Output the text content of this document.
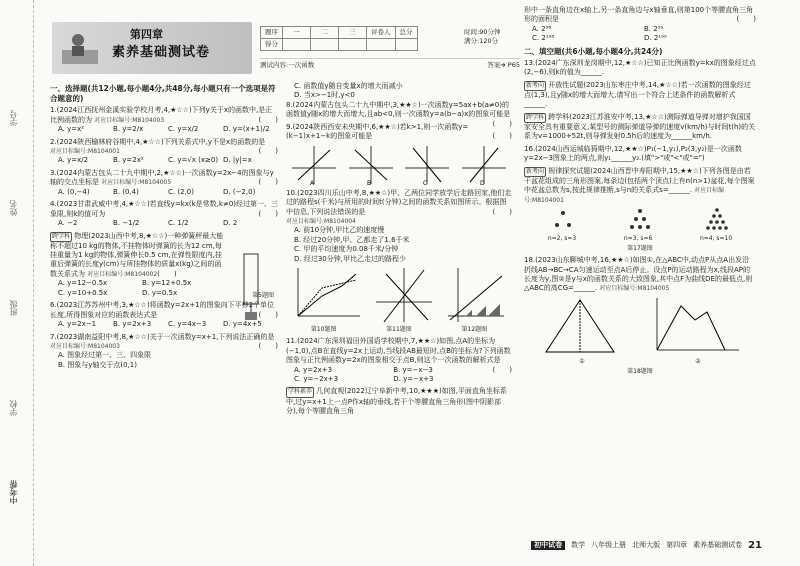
学号
姓名
班级
学校
中考帮
第四章
素养基础测试卷
题序	一	二	三	评卷人	总分
得分					
时间:90分钟
满分:120分
测试内容:一次函数	答案➔ P65
一、选择题(共12小题,每小题4分,共48分,每小题只有一个选项是符合题意的)
1.(2024江西抚州金溪实验学校月考,4,★☆☆)下列y关于x的函数中,是正比例函数的为 对应目标编号:M8104003	(　　)
A. y=x²	B. y=2/x	C. y=x/2	D. y=(x+1)/2
2.(2024陕西榆林府谷期中,4,★☆☆)下列关系式中,y不是x的函数的是
(　　)
对应目标编号:M8104001
A. y=x/2	B. y=2x²	C. y=√x (x≥0) D. |y|=x
3.(2024内蒙古包头二十九中期中,2,★☆☆)一次函数y=2x−4的图象与y轴的交点坐标是 对应目标编号:M8104005	(　　)
A. (0,−4)	B. (0,4)	C. (2,0)	D. (−2,0)
4.(2023甘肃武威中考,4,★☆☆)若直线y=kx(k是常数,k≠0)经过第一、三象限,则k的值可为	(　　)
A. −2	B. −1/2	C. 1/2	D. 2
跨学科 物理(2023山西中考,8,★☆☆)一种弹簧秤最大能称不超过10 kg的物体,不挂物体时弹簧的长为12 cm,每挂重量为1 kg的物体,弹簧伸长0.5 cm,在弹性限度内,挂重后弹簧的长度y(cm)与所挂物体的质量x(kg)之间的函数关系式为 对应目标编号:M8104002(　　)
A. y=12−0.5x	B. y=12+0.5x
C. y=10+0.5x	D. y=0.5x	第5题图
6.(2023江苏苏州中考,3,★☆☆)将函数y=2x+1的图象向下平移2个单位长度,所得图象对应的函数表达式是	(　　)
A. y=2x−1	B. y=2x+3	C. y=4x−3	D. y=4x+5
7.(2023湖南益阳中考,8,★☆☆)关于一次函数y=x+1,下列说法正确的是 对应目标编号:M8104003	(　　)
A. 图象经过第一、三、四象限
B. 图象与y轴交于点(0,1)
C. 函数值y随自变量x的增大而减小
D. 当x>−1时,y<0
8.(2024内蒙古包头二十九中期中,3,★★☆)一次函数y=5ax+b(a≠0)的函数值y随x的增大而增大,且ab<0,则一次函数y=a(b−a)x的图象可能是
(　　)
9.(2024陕西西安未央期中,6,★★☆)若k>1,则一次函数y=(k−1)x+1−k的图象可能是	(　　)
A	B	C	D
10.(2023四川乐山中考,8,★★☆)甲、乙两位同学放学后走路回家,他们走过的路程s(千米)与所用的时间t(分钟)之间的函数关系如图所示。根据图中信息,下列说法错误的是	(　　)
对应目标编号:M8104004
A. 前10分钟,甲比乙的速度慢
B. 经过20分钟,甲、乙都走了1.6千米
C. 甲的平均速度为0.08千米/分钟
D. 经过30分钟,甲比乙走过的路程少
第10题图	第11题图	第12题图
11.(2024广东深圳福田外国语学校期中,7,★★☆)如图,点A的坐标为(−1,0),点B在直线y=2x上运动,当线段AB最短时,点B的坐标为?下列函数图象与正比例函数y=2x的图象相交于点B,则这个一次函数的解析式是
(　　)
A. y=2x+3	B. y=−x−3
C. y=−2x+3	D. y=−x+3
学科素养 几何直观(2022辽宁阜新中考,10,★★★)如图,平面直角坐标系中,过y=x+1上一点P作x轴的垂线,若干个等腰直角三角形(图中阴影部分),每个等腰直角三角
形中一条直角边在x轴上,另一条直角边与x轴垂直,则第100个等腰直角三角形的面积是	(　　)
A. 2⁹⁸	B. 2⁹⁹
C. 2¹⁹⁸	D. 2¹⁹⁹
二、填空题(共6小题,每小题4分,共24分)
13.(2024广东深圳龙岗期中,12,★☆☆)已知正比例函数y=kx的图象经过点(2,−6),则k的值为______.
新考向 开放性试题(2023山东枣庄中考,14,★☆☆)若一次函数的图象经过点(1,3),且y随x的增大而增大,请写出一个符合上述条件的函数解析式______.
跨学科 跨学科(2023江苏淮安中考,13,★☆☆)测际弹道导弹对增护我国国家安全具有重要意义,某型号的测际弹道导弹的速度v(km/h)与时间t(h)的关系为v=1000+52t,则导弹发射0.5h后的速度为______km/h.
16.(2024山西运城临猗期中,12,★★☆)P₁(−1,y₁),P₂(3,y₂)是一次函数y=2x−3图象上的两点,则y₁______y₂.(填">"或"<"或"=")
新考向 规律探究试题(2024山西晋中寿阳期中,15,★★☆)下列各图是由若干盆花组成的三角形图案,每条边(包括两个顶点)上有n(n>1)盆花,每个图案中花盆总数为s,按此规律推断,s与n的关系式s=______. 对应目标编号:M8104001
n=2, s=3	n=3, s=6	n=4, s=10
第17题图
18.(2023山东聊城中考,16,★★☆)如图①,在△ABC中,动点P从点A出发沿折线AB→BC→CA匀速运动至点A后停止。设点P的运动路程为x,线段AP的长度为y,图②是y与x的函数关系的大致图象,其中点F为曲线DE的最低点,则△ABC的高CG=______. 对应目标编号:M8104005
①	②
第18题图
初中试卷	数学 八年级上册 北师大版 第四章 素养基础测试卷 21
